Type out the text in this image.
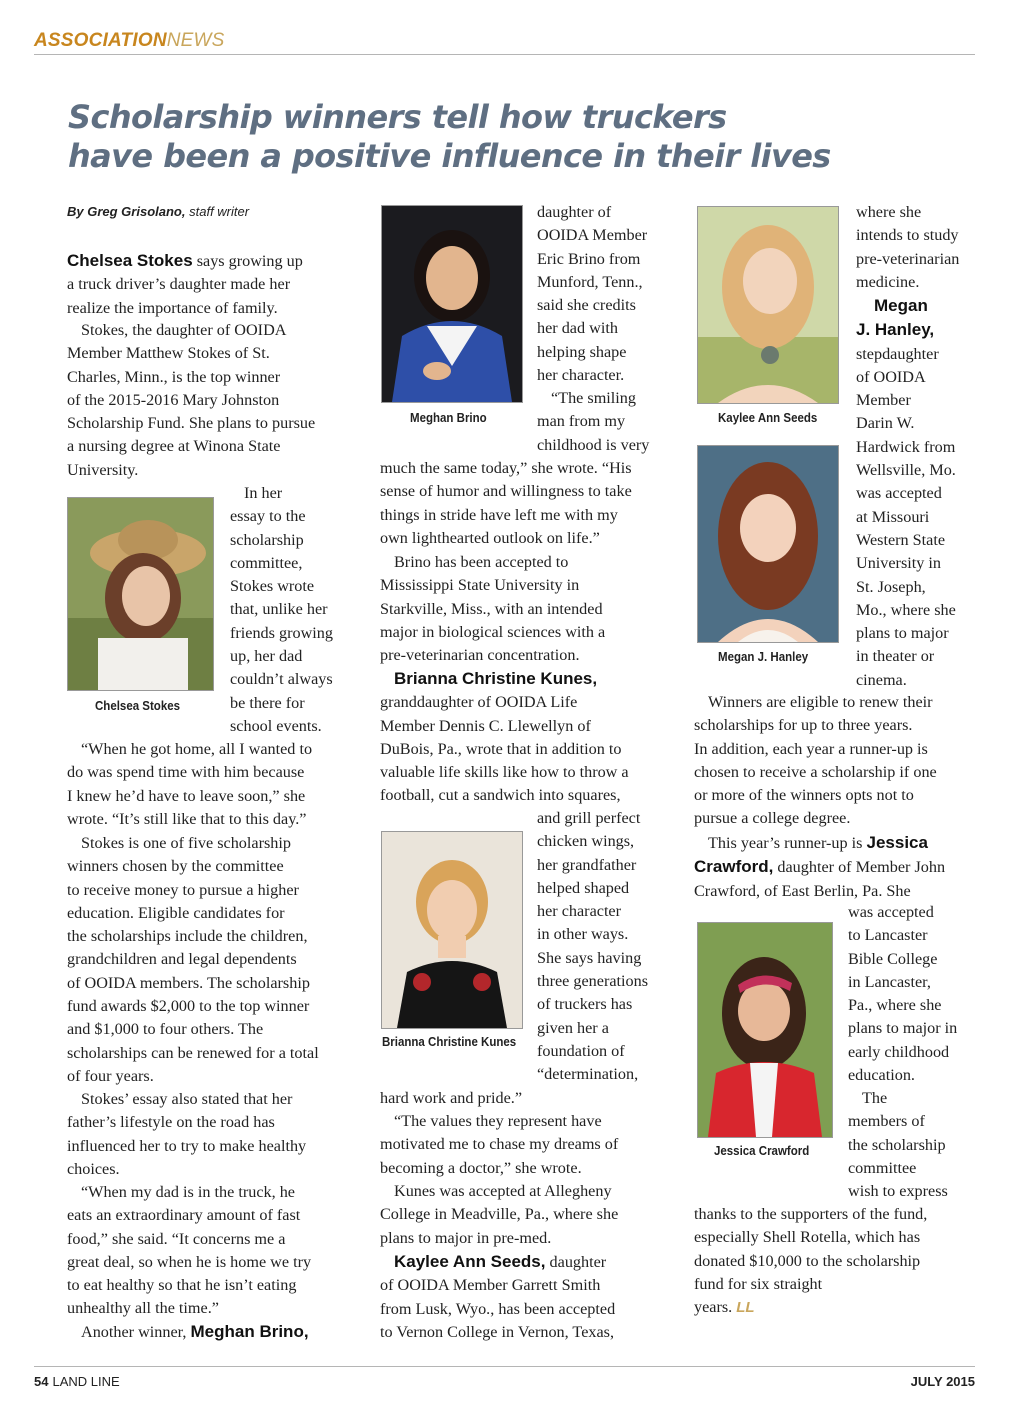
ASSOCIATIONNEWS
Scholarship winners tell how truckers
have been a positive influence in their lives
By Greg Grisolano, staff writer

Chelsea Stokes says growing up
a truck driver’s daughter made her
realize the importance of family.

Stokes, the daughter of OOIDA
Member Matthew Stokes of St.
Charles, Minn., is the top winner
of the 2015-2016 Mary Johnston
Scholarship Fund. She plans to pursue
a nursing degree at Winona State
University.

Chelsea Stokes

In her
essay to the
scholarship
committee,
Stokes wrote
that, unlike her
friends growing
up, her dad
couldn’t always
be there for
school events.

“When he got home, all I wanted to
do was spend time with him because
I knew he’d have to leave soon,” she
wrote. “It’s still like that to this day.”

Stokes is one of five scholarship
winners chosen by the committee
to receive money to pursue a higher
education. Eligible candidates for
the scholarships include the children,
grandchildren and legal dependents
of OOIDA members. The scholarship
fund awards $2,000 to the top winner
and $1,000 to four others. The
scholarships can be renewed for a total
of four years.

Stokes’ essay also stated that her
father’s lifestyle on the road has
influenced her to try to make healthy
choices.

“When my dad is in the truck, he
eats an extraordinary amount of fast
food,” she said. “It concerns me a
great deal, so when he is home we try
to eat healthy so that he isn’t eating
unhealthy all the time.”

Another winner, Meghan Brino,

Meghan Brino

daughter of
OOIDA Member
Eric Brino from
Munford, Tenn.,
said she credits
her dad with
helping shape
her character.

“The smiling
man from my
childhood is very

much the same today,” she wrote. “His
sense of humor and willingness to take
things in stride have left me with my
own lighthearted outlook on life.”

Brino has been accepted to
Mississippi State University in
Starkville, Miss., with an intended
major in biological sciences with a
pre-veterinarian concentration.

Brianna Christine Kunes,
granddaughter of OOIDA Life
Member Dennis C. Llewellyn of
DuBois, Pa., wrote that in addition to
valuable life skills like how to throw a
football, cut a sandwich into squares,

Brianna Christine Kunes

and grill perfect
chicken wings,
her grandfather
helped shaped
her character
in other ways.
She says having
three generations
of truckers has
given her a
foundation of
“determination,

hard work and pride.”

“The values they represent have
motivated me to chase my dreams of
becoming a doctor,” she wrote.

Kunes was accepted at Allegheny
College in Meadville, Pa., where she
plans to major in pre-med.

Kaylee Ann Seeds, daughter
of OOIDA Member Garrett Smith
from Lusk, Wyo., has been accepted
to Vernon College in Vernon, Texas,

Kaylee Ann Seeds

where she
intends to study
pre-veterinarian
medicine.

Megan
J. Hanley,
stepdaughter
of OOIDA
Member
Darin W.
Hardwick from
Wellsville, Mo.
was accepted
at Missouri
Western State
University in
St. Joseph,
Mo., where she
plans to major
in theater or
cinema.

Megan J. Hanley

Winners are eligible to renew their
scholarships for up to three years.
In addition, each year a runner-up is
chosen to receive a scholarship if one
or more of the winners opts not to
pursue a college degree.

This year’s runner-up is Jessica
Crawford, daughter of Member John
Crawford, of East Berlin, Pa. She

Jessica Crawford

was accepted
to Lancaster
Bible College
in Lancaster,
Pa., where she
plans to major in
early childhood
education.

The
members of
the scholarship
committee
wish to express

thanks to the supporters of the fund,
especially Shell Rotella, which has
donated $10,000 to the scholarship
fund for six straight
years. LL

54 LAND LINE	JULY 2015
